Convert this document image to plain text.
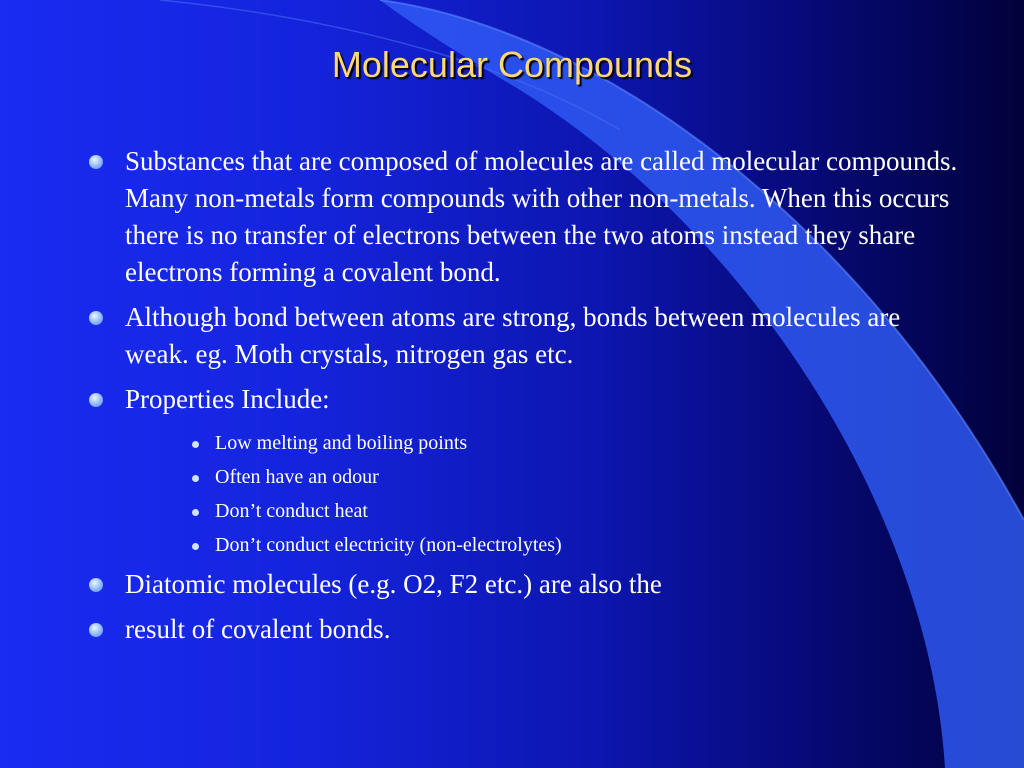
Molecular Compounds
Substances that are composed of molecules are called molecular compounds. Many non-metals form compounds with other non-metals. When this occurs there is no transfer of electrons between the two atoms instead they share electrons forming a covalent bond.
Although bond between atoms are strong, bonds between molecules are weak. eg. Moth crystals, nitrogen gas etc.
Properties Include:
Low melting and boiling points
Often have an odour
Don’t conduct heat
Don’t conduct electricity (non-electrolytes)
Diatomic molecules (e.g. O2, F2 etc.) are also the
result of covalent bonds.
